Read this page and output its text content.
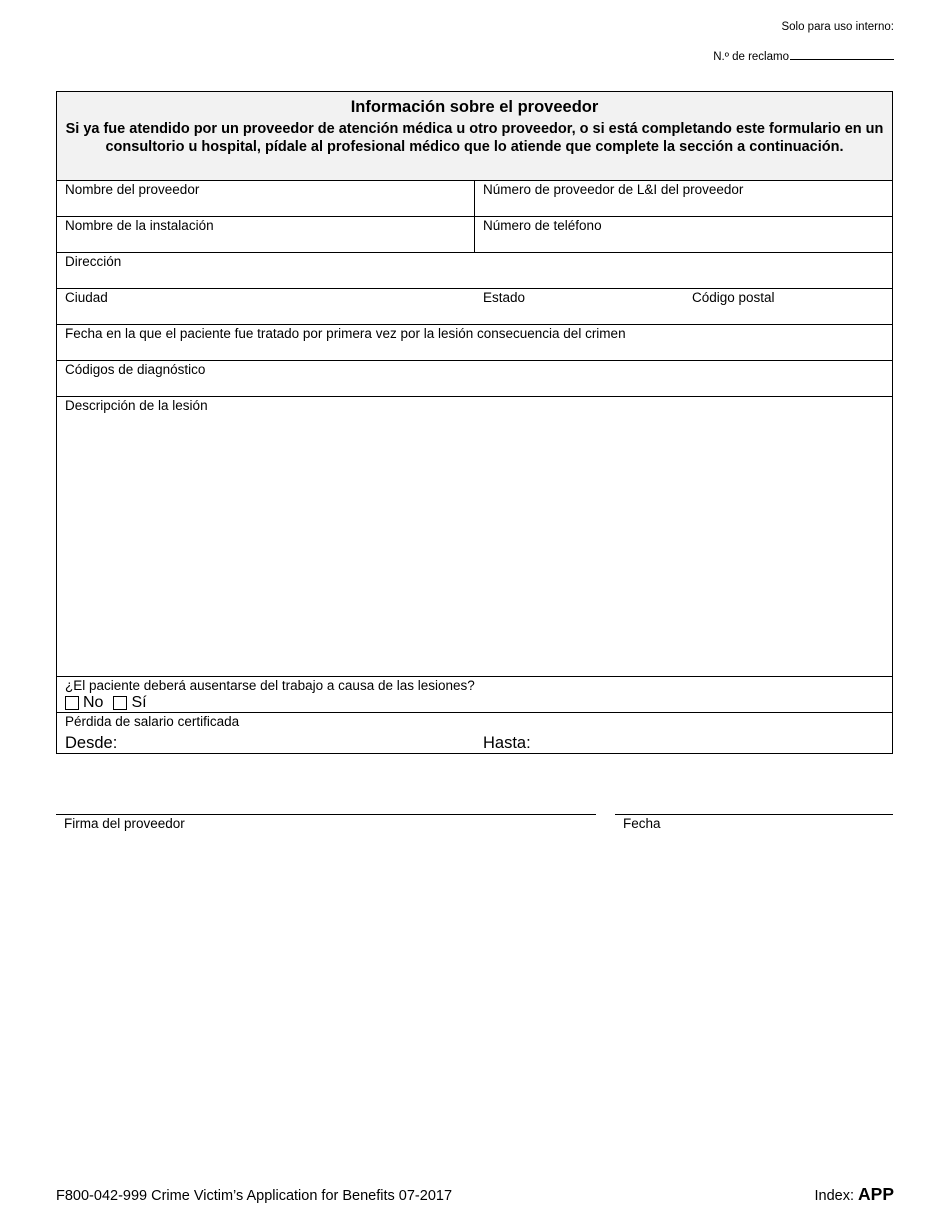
Solo para uso interno:
N.º de reclamo
Información sobre el proveedor
Si ya fue atendido por un proveedor de atención médica u otro proveedor, o si está completando este formulario en un consultorio u hospital, pídale al profesional médico que lo atiende que complete la sección a continuación.
Nombre del proveedor	Número de proveedor de L&I del proveedor
Nombre de la instalación	Número de teléfono
Dirección
Ciudad	Estado	Código postal
Fecha en la que el paciente fue tratado por primera vez por la lesión consecuencia del crimen
Códigos de diagnóstico
Descripción de la lesión
¿El paciente deberá ausentarse del trabajo a causa de las lesiones?
No Sí
Pérdida de salario certificada
Desde:	Hasta:
Firma del proveedor	Fecha
F800-042-999 Crime Victim’s Application for Benefits 07-2017	Index: APP
